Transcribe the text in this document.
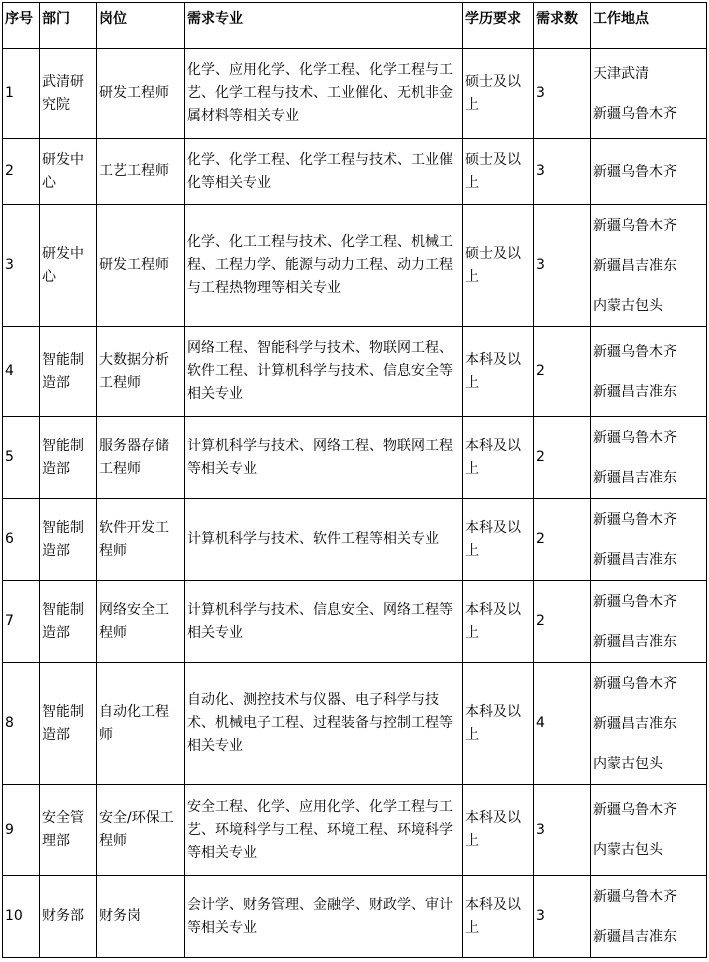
序号	部门	岗位	需求专业	学历要求	需求数	工作地点
1	武清研究院	研发工程师	化学、应用化学、化学工程、化学工程与工艺、化学工程与技术、工业催化、无机非金属材料等相关专业	硕士及以上	3	天津武清
新疆乌鲁木齐

2	研发中心	工艺工程师	化学、化学工程、化学工程与技术、工业催化等相关专业	硕士及以上	3	新疆乌鲁木齐

3	研发中心	研发工程师	化学、化工工程与技术、化学工程、机械工程、工程力学、能源与动力工程、动力工程与工程热物理等相关专业	硕士及以上	3	新疆乌鲁木齐
新疆昌吉准东
内蒙古包头

4	智能制造部	大数据分析工程师	网络工程、智能科学与技术、物联网工程、软件工程、计算机科学与技术、信息安全等相关专业	本科及以上	2	新疆乌鲁木齐
新疆昌吉准东

5	智能制造部	服务器存储工程师	计算机科学与技术、网络工程、物联网工程等相关专业	本科及以上	2	新疆乌鲁木齐
新疆昌吉准东

6	智能制造部	软件开发工程师	计算机科学与技术、软件工程等相关专业	本科及以上	2	新疆乌鲁木齐
新疆昌吉准东

7	智能制造部	网络安全工程师	计算机科学与技术、信息安全、网络工程等相关专业	本科及以上	2	新疆乌鲁木齐
新疆昌吉准东

8	智能制造部	自动化工程师	自动化、测控技术与仪器、电子科学与技术、机械电子工程、过程装备与控制工程等相关专业	本科及以上	4	新疆乌鲁木齐
新疆昌吉准东
内蒙古包头

9	安全管理部	安全/环保工程师	安全工程、化学、应用化学、化学工程与工艺、环境科学与工程、环境工程、环境科学等相关专业	本科及以上	3	新疆乌鲁木齐
内蒙古包头

10	财务部	财务岗	会计学、财务管理、金融学、财政学、审计等相关专业	本科及以上	3	新疆乌鲁木齐
新疆昌吉准东
